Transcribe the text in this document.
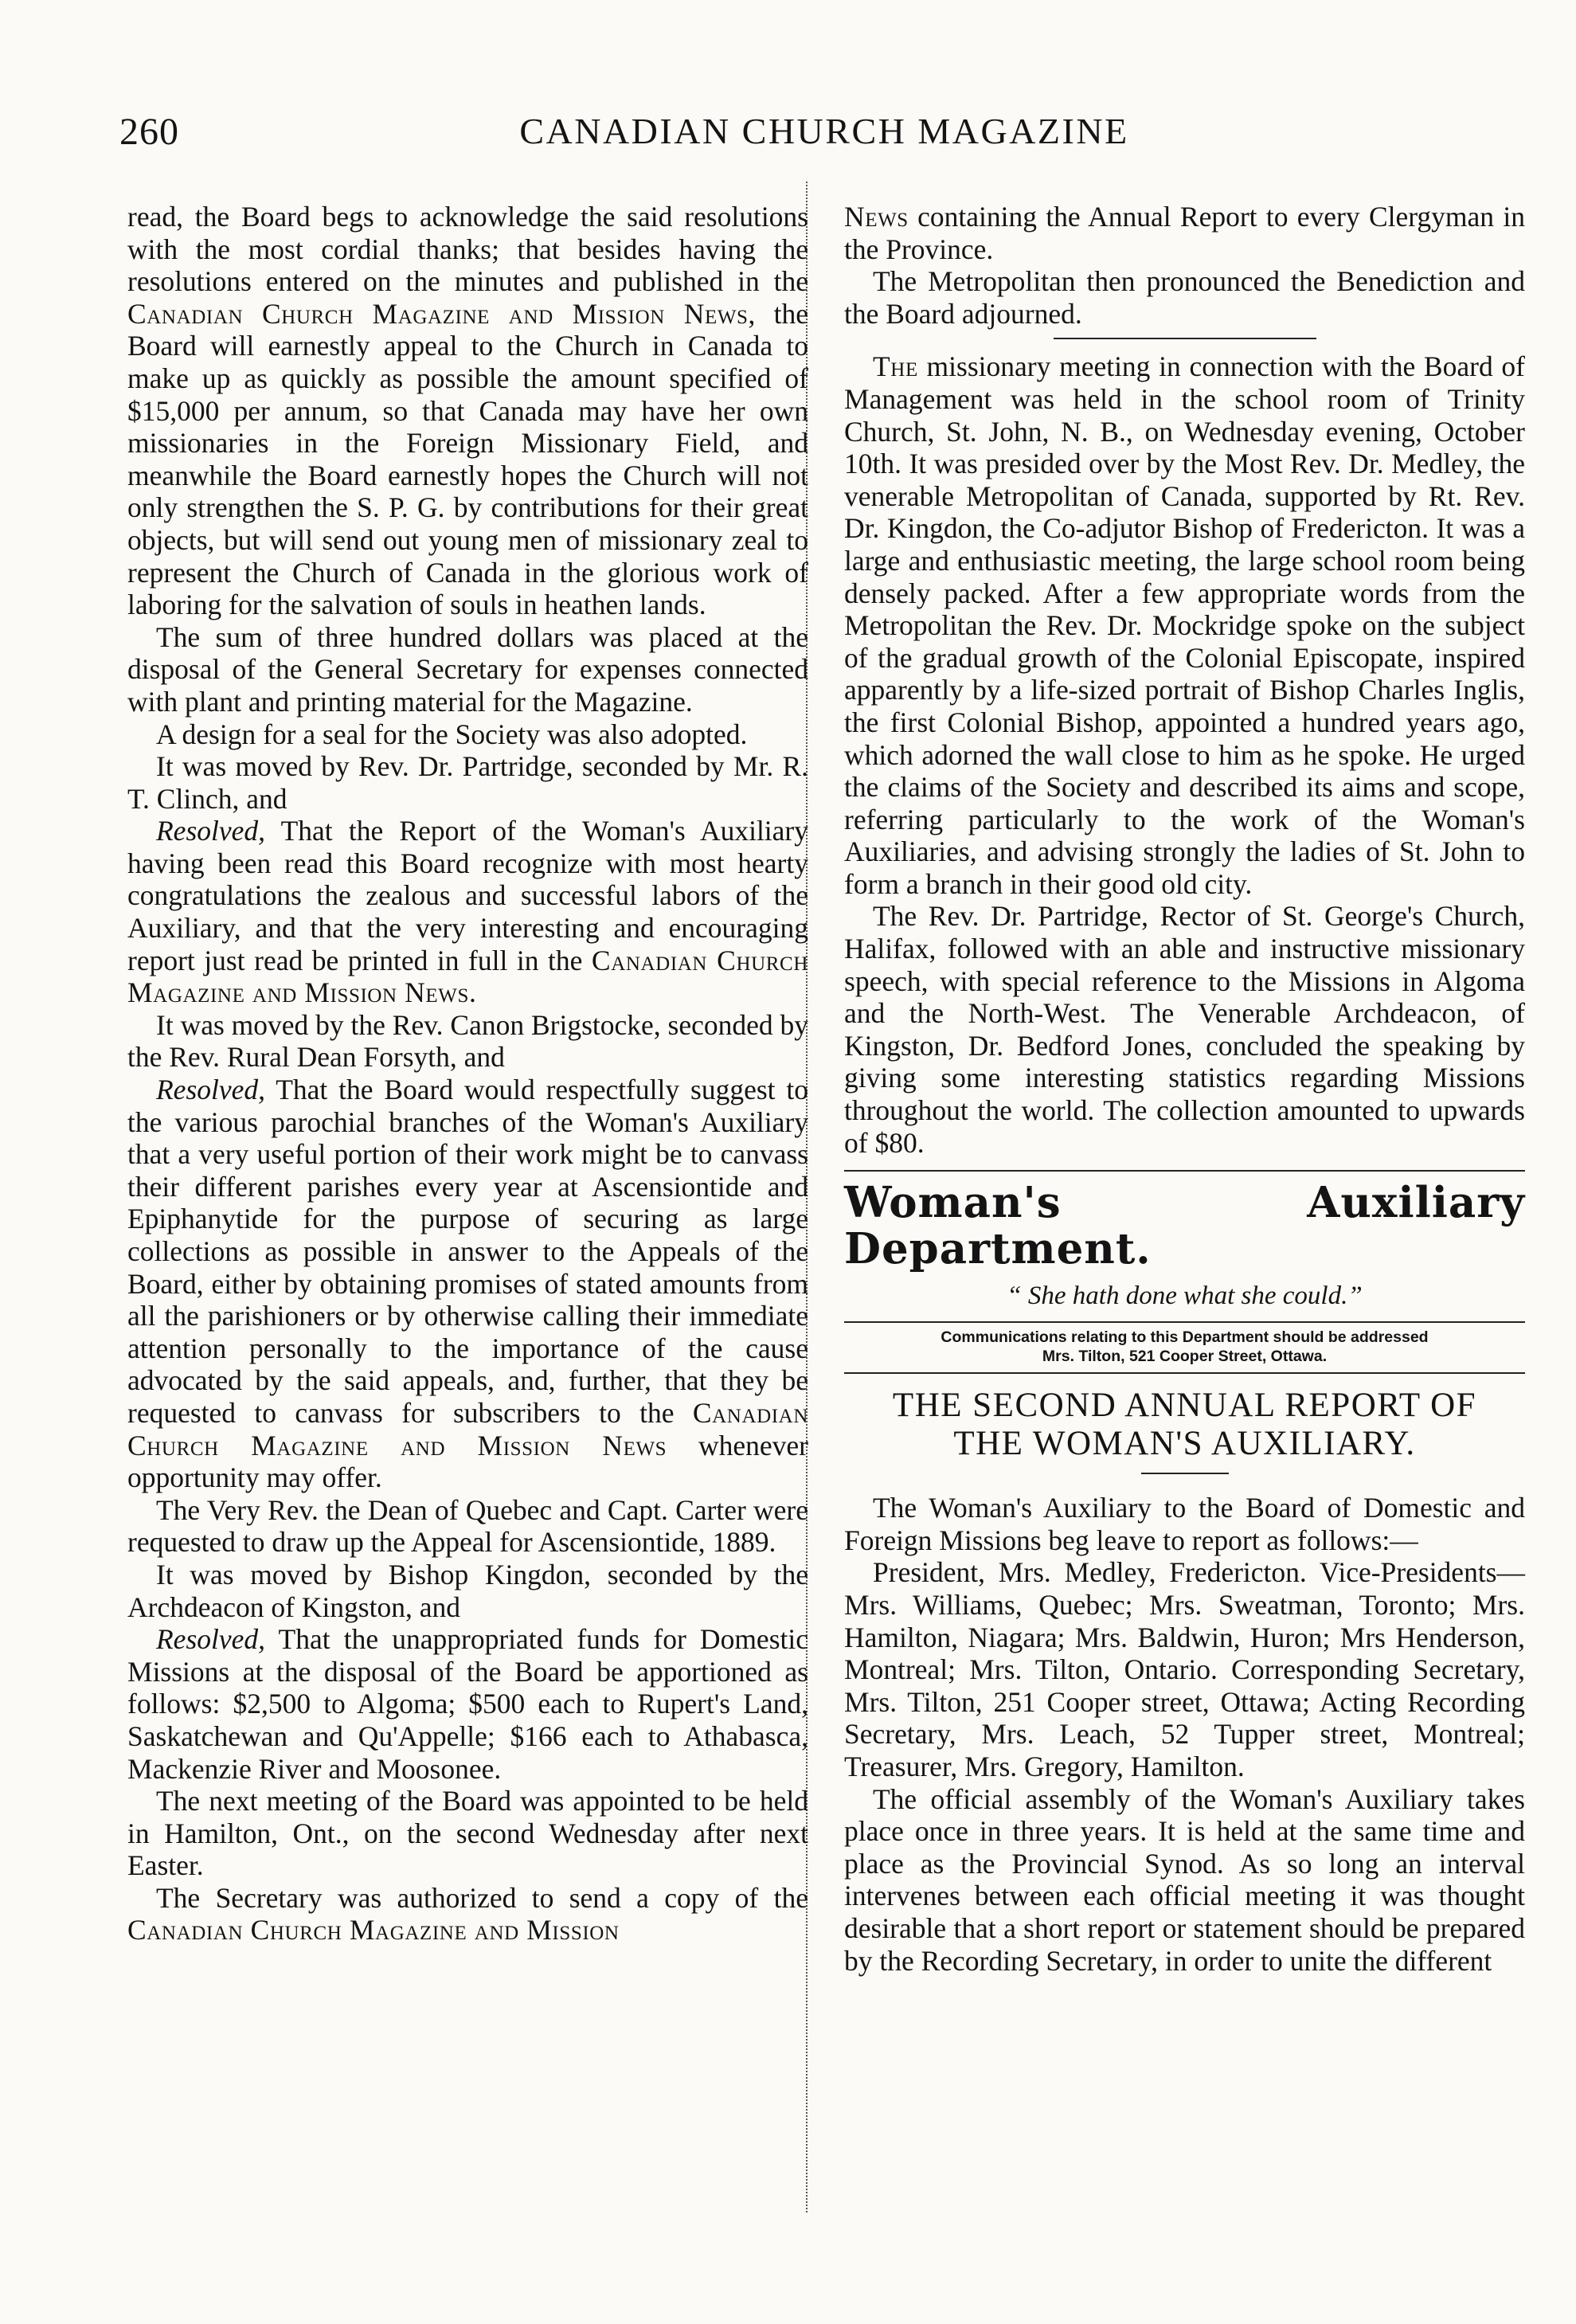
260	CANADIAN CHURCH MAGAZINE

read, the Board begs to acknowledge the said resolutions with the most cordial thanks; that besides having the resolutions entered on the minutes and published in the Canadian Church Magazine and Mission News, the Board will earnestly appeal to the Church in Canada to make up as quickly as possible the amount specified of $15,000 per annum, so that Canada may have her own missionaries in the Foreign Missionary Field, and meanwhile the Board earnestly hopes the Church will not only strengthen the S. P. G. by contributions for their great objects, but will send out young men of missionary zeal to represent the Church of Canada in the glorious work of laboring for the salvation of souls in heathen lands.

The sum of three hundred dollars was placed at the disposal of the General Secretary for expenses connected with plant and printing material for the Magazine.

A design for a seal for the Society was also adopted.

It was moved by Rev. Dr. Partridge, seconded by Mr. R. T. Clinch, and

Resolved, That the Report of the Woman's Auxiliary having been read this Board recognize with most hearty congratulations the zealous and successful labors of the Auxiliary, and that the very interesting and encouraging report just read be printed in full in the Canadian Church Magazine and Mission News.

It was moved by the Rev. Canon Brigstocke, seconded by the Rev. Rural Dean Forsyth, and

Resolved, That the Board would respectfully suggest to the various parochial branches of the Woman's Auxiliary that a very useful portion of their work might be to canvass their different parishes every year at Ascensiontide and Epiphanytide for the purpose of securing as large collections as possible in answer to the Appeals of the Board, either by obtaining promises of stated amounts from all the parishioners or by otherwise calling their immediate attention personally to the importance of the cause advocated by the said appeals, and, further, that they be requested to canvass for subscribers to the Canadian Church Magazine and Mission News whenever opportunity may offer.

The Very Rev. the Dean of Quebec and Capt. Carter were requested to draw up the Appeal for Ascensiontide, 1889.

It was moved by Bishop Kingdon, seconded by the Archdeacon of Kingston, and

Resolved, That the unappropriated funds for Domestic Missions at the disposal of the Board be apportioned as follows: $2,500 to Algoma; $500 each to Rupert's Land, Saskatchewan and Qu'Appelle; $166 each to Athabasca, Mackenzie River and Moosonee.

The next meeting of the Board was appointed to be held in Hamilton, Ont., on the second Wednesday after next Easter.

The Secretary was authorized to send a copy of the Canadian Church Magazine and Mission

News containing the Annual Report to every Clergyman in the Province.

The Metropolitan then pronounced the Benediction and the Board adjourned.

The missionary meeting in connection with the Board of Management was held in the school room of Trinity Church, St. John, N. B., on Wednesday evening, October 10th. It was presided over by the Most Rev. Dr. Medley, the venerable Metropolitan of Canada, supported by Rt. Rev. Dr. Kingdon, the Co-adjutor Bishop of Fredericton. It was a large and enthusiastic meeting, the large school room being densely packed. After a few appropriate words from the Metropolitan the Rev. Dr. Mockridge spoke on the subject of the gradual growth of the Colonial Episcopate, inspired apparently by a life-sized portrait of Bishop Charles Inglis, the first Colonial Bishop, appointed a hundred years ago, which adorned the wall close to him as he spoke. He urged the claims of the Society and described its aims and scope, referring particularly to the work of the Woman's Auxiliaries, and advising strongly the ladies of St. John to form a branch in their good old city.

The Rev. Dr. Partridge, Rector of St. George's Church, Halifax, followed with an able and instructive missionary speech, with special reference to the Missions in Algoma and the North-West. The Venerable Archdeacon, of Kingston, Dr. Bedford Jones, concluded the speaking by giving some interesting statistics regarding Missions throughout the world. The collection amounted to upwards of $80.

Woman's Auxiliary Department.
“ She hath done what she could.”
Communications relating to this Department should be addressed
Mrs. Tilton, 521 Cooper Street, Ottawa.
THE SECOND ANNUAL REPORT OF
THE WOMAN'S AUXILIARY.

The Woman's Auxiliary to the Board of Domestic and Foreign Missions beg leave to report as follows:—

President, Mrs. Medley, Fredericton. Vice-Presidents—Mrs. Williams, Quebec; Mrs. Sweatman, Toronto; Mrs. Hamilton, Niagara; Mrs. Baldwin, Huron; Mrs Henderson, Montreal; Mrs. Tilton, Ontario. Corresponding Secretary, Mrs. Tilton, 251 Cooper street, Ottawa; Acting Recording Secretary, Mrs. Leach, 52 Tupper street, Montreal; Treasurer, Mrs. Gregory, Hamilton.

The official assembly of the Woman's Auxiliary takes place once in three years. It is held at the same time and place as the Provincial Synod. As so long an interval intervenes between each official meeting it was thought desirable that a short report or statement should be prepared by the Recording Secretary, in order to unite the different
